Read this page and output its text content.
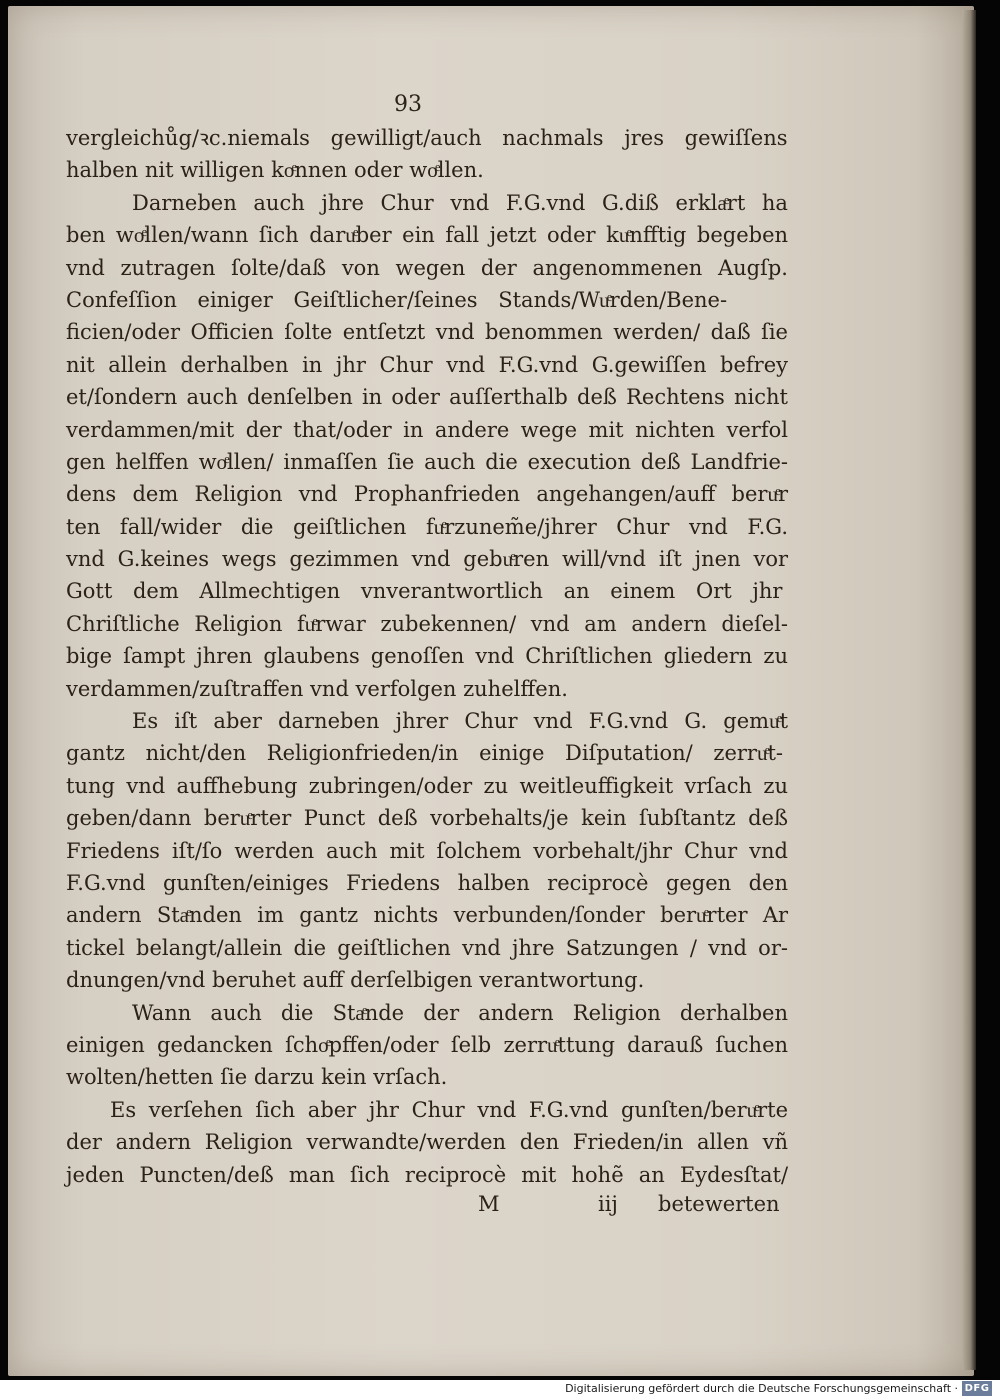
93
vergleichůg/ꝛc.niemals gewilligt/auch nachmals jres gewiſſens
halben nit willigen koͤnnen oder woͤllen.
Darneben auch jhre Chur vnd F.G.vnd G.diß erklaͤrt ha
ben woͤllen/wann ſich daruͤber ein fall jetzt oder kuͤnfftig begeben
vnd zutragen ſolte/daß von wegen der angenommenen Augſp.
Confeſſion einiger Geiſtlicher/ſeines Stands/Wuͤrden/Bene-
ficien/oder Officien ſolte entſetzt vnd benommen werden/ daß ſie
nit allein derhalben in jhr Chur vnd F.G.vnd G.gewiſſen befrey
et/ſondern auch denſelben in oder auſſerthalb deß Rechtens nicht
verdammen/mit der that/oder in andere wege mit nichten verfol
gen helffen woͤllen/ inmaſſen ſie auch die execution deß Landfrie-
dens dem Religion vnd Prophanfrieden angehangen/auff beruͤr
ten fall/wider die geiſtlichen fuͤrzunem̃e/jhrer Chur vnd F.G.
vnd G.keines wegs gezimmen vnd gebuͤren will/vnd iſt jnen vor
Gott dem Allmechtigen vnverantwortlich an einem Ort jhr
Chriſtliche Religion fuͤrwar zubekennen/ vnd am andern dieſel-
bige ſampt jhren glaubens genoſſen vnd Chriſtlichen gliedern zu
verdammen/zuſtraffen vnd verfolgen zuhelffen.
Es iſt aber darneben jhrer Chur vnd F.G.vnd G. gemuͤt
gantz nicht/den Religionfrieden/in einige Diſputation/ zerruͤt-
tung vnd auffhebung zubringen/oder zu weitleuffigkeit vrſach zu
geben/dann beruͤrter Punct deß vorbehalts/je kein ſubſtantz deß
Friedens iſt/ſo werden auch mit ſolchem vorbehalt/jhr Chur vnd
F.G.vnd gunſten/einiges Friedens halben reciprocè gegen den
andern Staͤnden im gantz nichts verbunden/ſonder beruͤrter Ar
tickel belangt/allein die geiſtlichen vnd jhre Satzungen / vnd or-
dnungen/vnd beruhet auff derſelbigen verantwortung.
Wann auch die Staͤnde der andern Religion derhalben
einigen gedancken ſchoͤpffen/oder ſelb zerruͤttung darauß ſuchen
wolten/hetten ſie darzu kein vrſach.
Es verſehen ſich aber jhr Chur vnd F.G.vnd gunſten/beruͤrte
der andern Religion verwandte/werden den Frieden/in allen vñ
jeden Puncten/deß man ſich reciprocè mit hohẽ an Eydesſtat/
M	iij betewerten
Digitalisierung gefördert durch die Deutsche Forschungsgemeinschaft · DFG
